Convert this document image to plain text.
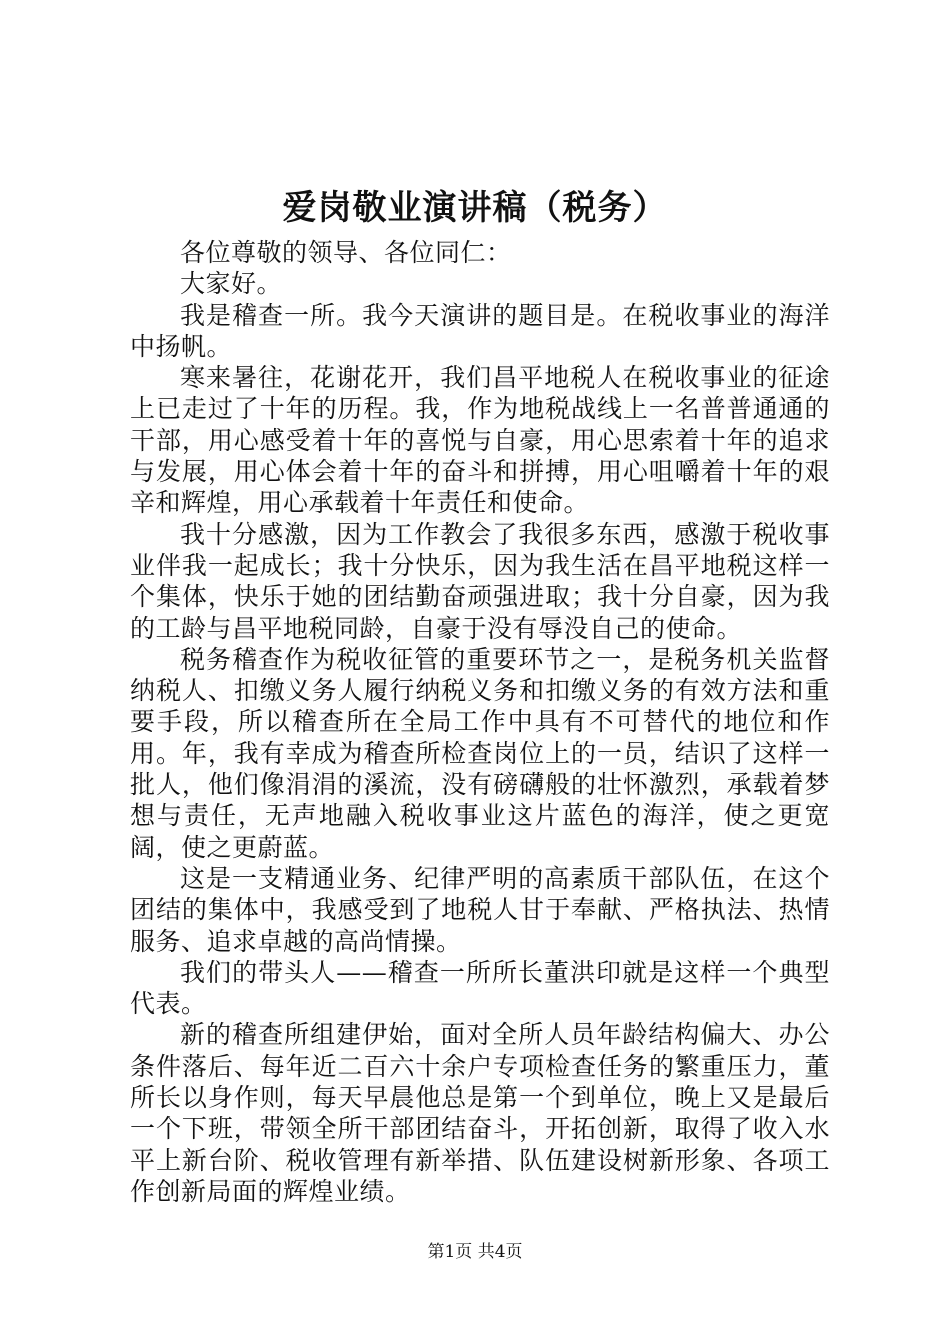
爱岗敬业演讲稿（税务）

各位尊敬的领导、各位同仁：

大家好。

我是稽查一所。我今天演讲的题目是。在税收事业的海洋中扬帆。

寒来暑往，花谢花开，我们昌平地税人在税收事业的征途上已走过了十年的历程。我，作为地税战线上一名普普通通的干部，用心感受着十年的喜悦与自豪，用心思索着十年的追求与发展，用心体会着十年的奋斗和拼搏，用心咀嚼着十年的艰辛和辉煌，用心承载着十年责任和使命。

我十分感激，因为工作教会了我很多东西，感激于税收事业伴我一起成长；我十分快乐，因为我生活在昌平地税这样一个集体，快乐于她的团结勤奋顽强进取；我十分自豪，因为我的工龄与昌平地税同龄，自豪于没有辱没自己的使命。

税务稽查作为税收征管的重要环节之一，是税务机关监督纳税人、扣缴义务人履行纳税义务和扣缴义务的有效方法和重要手段，所以稽查所在全局工作中具有不可替代的地位和作用。年，我有幸成为稽查所检查岗位上的一员，结识了这样一批人，他们像涓涓的溪流，没有磅礴般的壮怀激烈，承载着梦想与责任，无声地融入税收事业这片蓝色的海洋，使之更宽阔，使之更蔚蓝。

这是一支精通业务、纪律严明的高素质干部队伍，在这个团结的集体中，我感受到了地税人甘于奉献、严格执法、热情服务、追求卓越的高尚情操。

我们的带头人——稽查一所所长董洪印就是这样一个典型代表。

新的稽查所组建伊始，面对全所人员年龄结构偏大、办公条件落后、每年近二百六十余户专项检查任务的繁重压力，董所长以身作则，每天早晨他总是第一个到单位，晚上又是最后一个下班，带领全所干部团结奋斗，开拓创新，取得了收入水平上新台阶、税收管理有新举措、队伍建设树新形象、各项工作创新局面的辉煌业绩。

第1页 共4页
